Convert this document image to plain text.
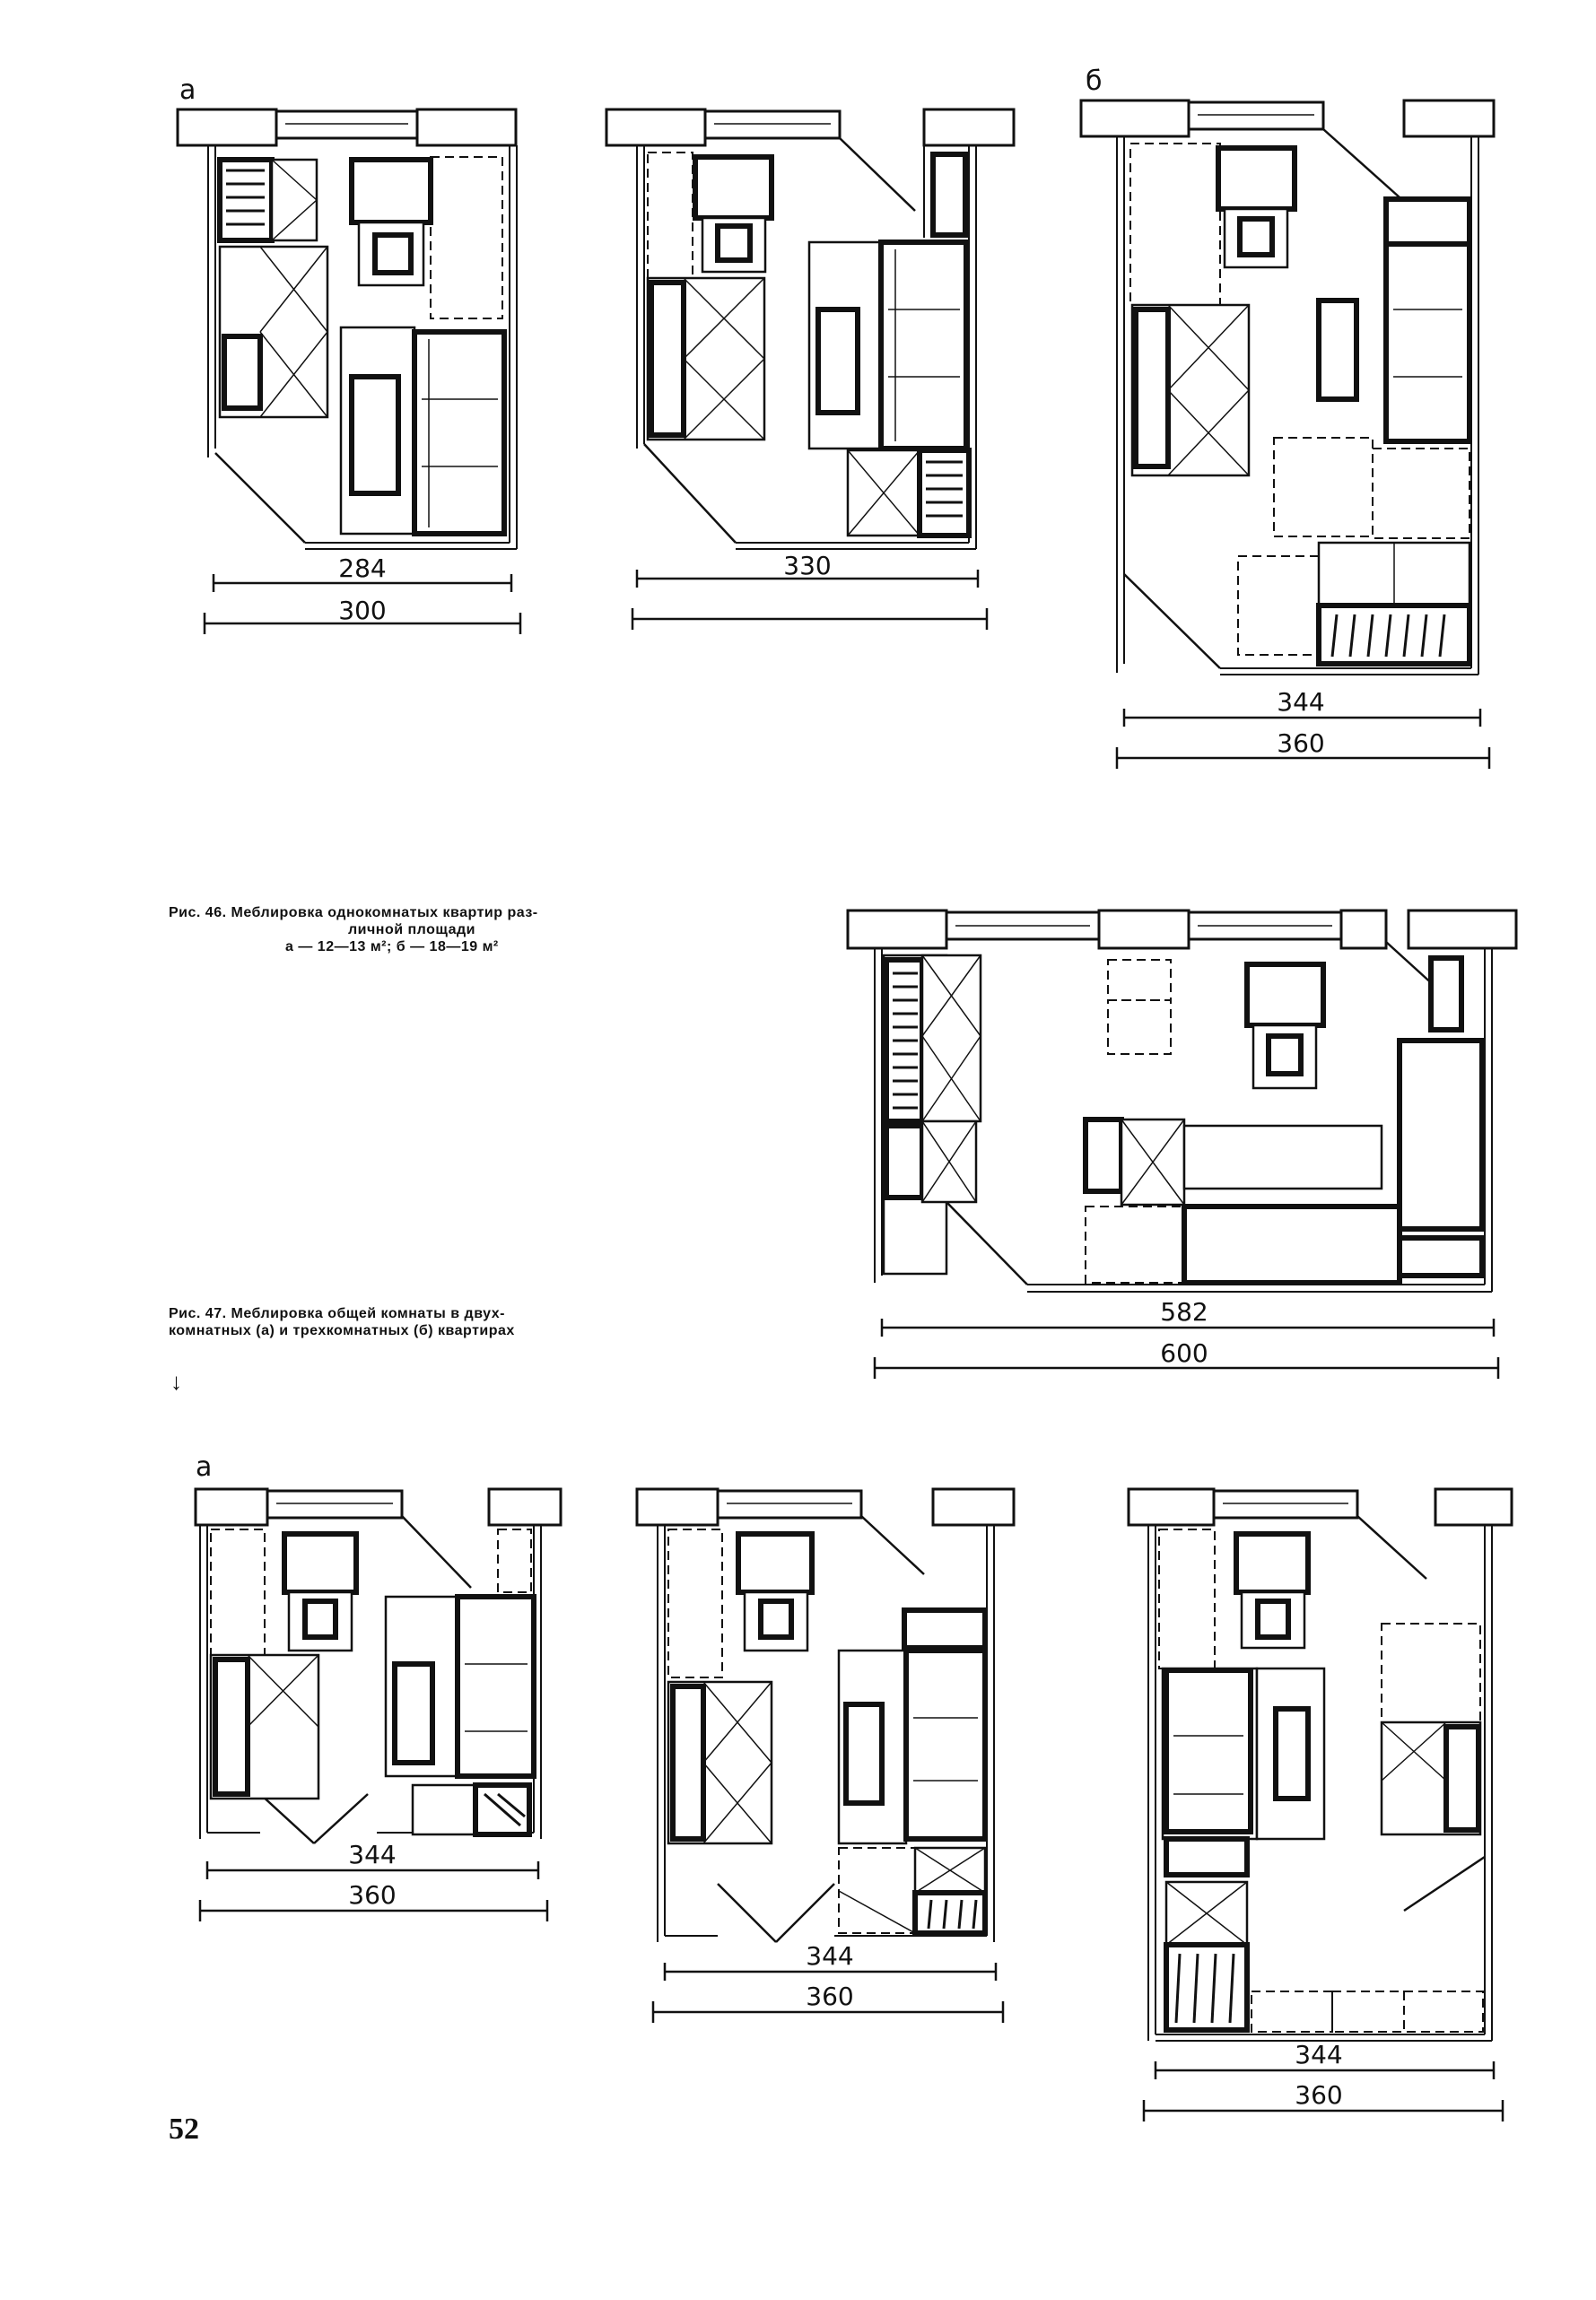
а
284
300
330
б
344
360
582
600
а
344
360
344
360
344
360
Рис. 46. Меблировка однокомнатых квартир раз-
личной площади
а — 12—13 м²; б — 18—19 м²
Рис. 47. Меблировка общей комнаты в двух-
комнатных (а) и трехкомнатных (б) квартирах
↓
52
